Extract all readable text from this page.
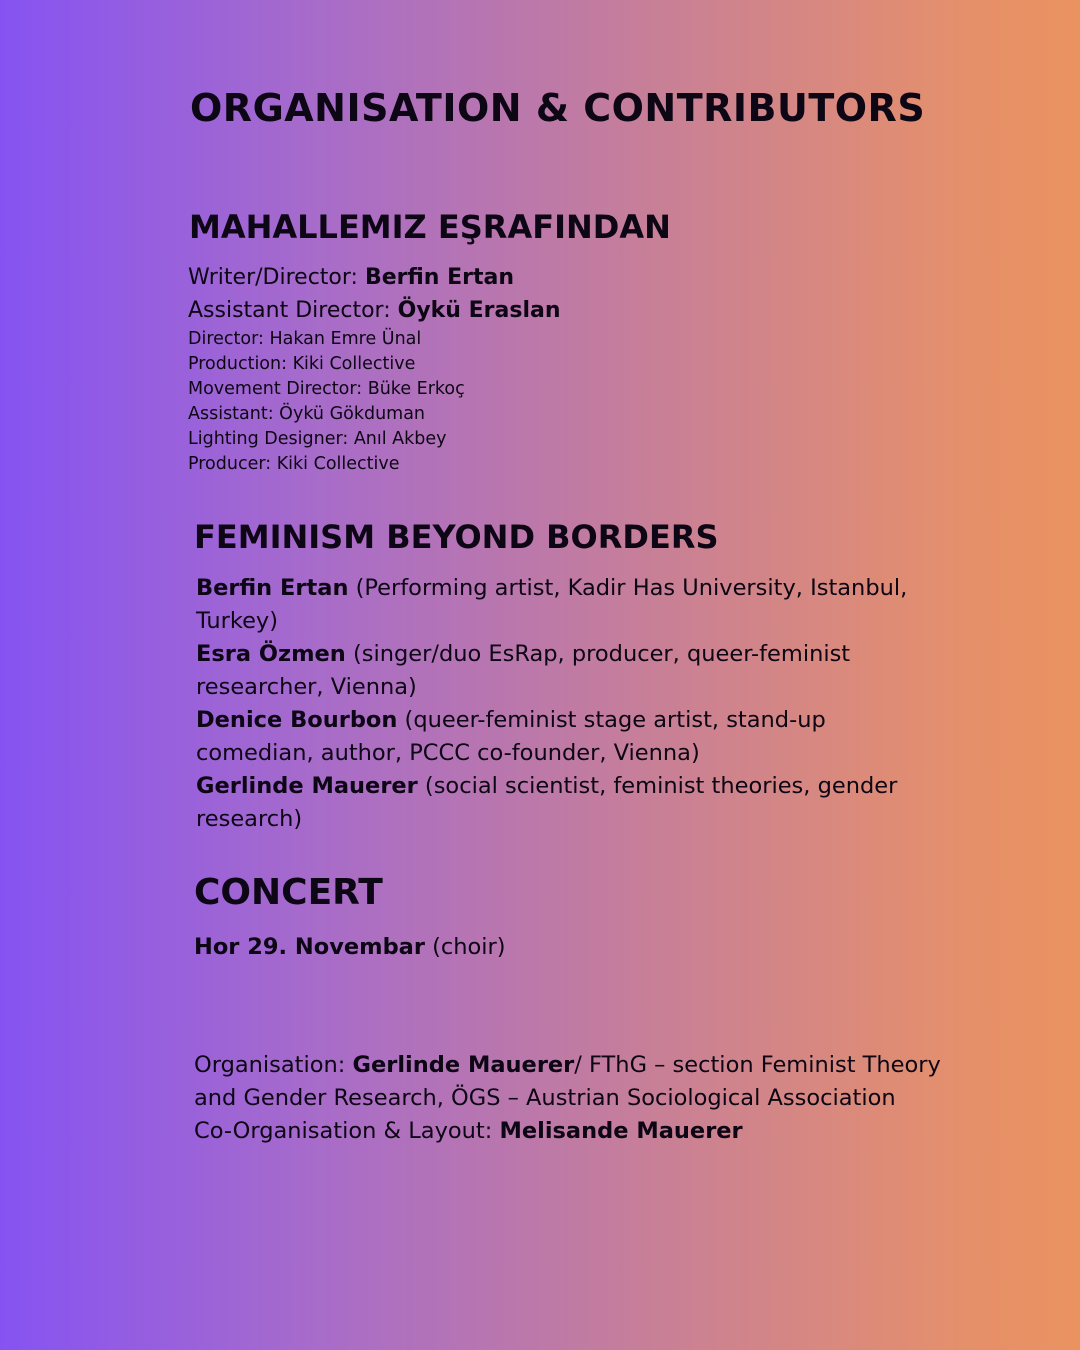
ORGANISATION & CONTRIBUTORS
MAHALLEMIZ EŞRAFINDAN
Writer/Director: Berfin Ertan
Assistant Director: Öykü Eraslan
Director: Hakan Emre Ünal
Production: Kiki Collective
Movement Director: Büke Erkoç
Assistant: Öykü Gökduman
Lighting Designer: Anıl Akbey
Producer: Kiki Collective
FEMINISM BEYOND BORDERS
Berfin Ertan (Performing artist, Kadir Has University, Istanbul,
Turkey)
Esra Özmen (singer/duo EsRap, producer, queer-feminist
researcher, Vienna)
Denice Bourbon (queer-feminist stage artist, stand-up
comedian, author, PCCC co-founder, Vienna)
Gerlinde Mauerer (social scientist, feminist theories, gender
research)
CONCERT
Hor 29. Novembar (choir)
Organisation: Gerlinde Mauerer/ FThG – section Feminist Theory
and Gender Research, ÖGS – Austrian Sociological Association
Co-Organisation & Layout: Melisande Mauerer
